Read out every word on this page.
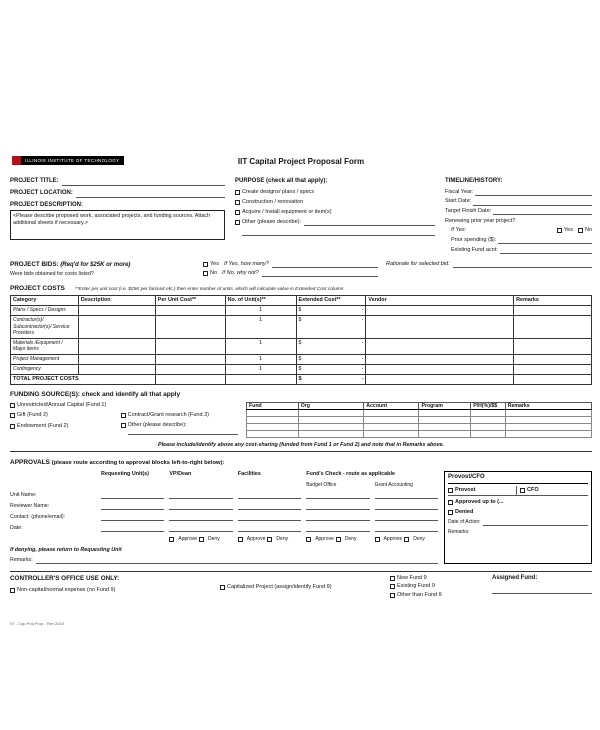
ILLINOIS INSTITUTE OF TECHNOLOGY	IIT Capital Project Proposal Form
PROJECT TITLE:
PROJECT LOCATION:
PROJECT DESCRIPTION:
<Please describe proposed work, associated projects, and funding sources. Attach additional sheets if necessary.>
PURPOSE (check all that apply):
Create designs/ plans / specs
Construction / renovation
Acquire / Install equipment or item(s)
Other (please describe):
TIMELINE/HISTORY:
Fiscal Year:
Start Date:
Target Finish Date:
Renewing prior year project?
If Yes:	Yes No
Prior spending ($):
Existing Fund acnt:
PROJECT BIDS: (Req'd for $25K or more)
Were bids obtained for costs listed?
Yes If Yes, how many?
No If No, why not?
Rationale for selected bid:
PROJECT COSTS **Enter per unit cost (i.e. $25K per fan/unit etc.) then enter number of units, which will calculate value in Extended Cost column
Category	Description	Per Unit Cost**	No. of Unit(s)**	Extended Cost**	Vendor	Remarks
Plans / Specs / Designs			1	$ -		

Contractor(s)/ Subcontractor(s)/ Service Providers			1	$ -		

Materials /Equipment / Major items			1	$ -		

Project Management			1	$ -		

Contingency			1	$ -		

TOTAL PROJECT COSTS				$ -		

FUNDING SOURCE(S): check and identify all that apply
Unrestricted/Annual Capital (Fund 1)
Gift (Fund 2)	Contract/Grant research (Fund 3)
Endowment (Fund 2)	Other (please describe):
Fund	Org	Account	Program	P/H(%)/$$	Remarks

Please include/identify above any cost-sharing (funded from Fund 1 or Fund 2) and note that in Remarks above.
APPROVALS (please route according to approval blocks left-to-right below):
Requesting Unit(s)	VP/Dean	Facilities	Fund's Check - route as applicable
Budget Office	Grant Accounting
Unit Name:
Reviewer Name:
Contact: (phone/email):
Date:
Approve Deny	Approve Deny	Approve Deny	Approve Deny
If denying, please return to Requesting Unit
Remarks:
Provost/CFO
Provost	CFO
Approved up to (...
Denied
Date of Action:
Remarks:
CONTROLLER'S OFFICE USE ONLY:
Non-capital/normal expense (no Fund 9)
Capitalized Project (assign/identify Fund 9)
New Fund 9
Existing Fund 9
Other than Fund 9
Assigned Fund:
IIT - Cap Proj Prop - Rev 2010
